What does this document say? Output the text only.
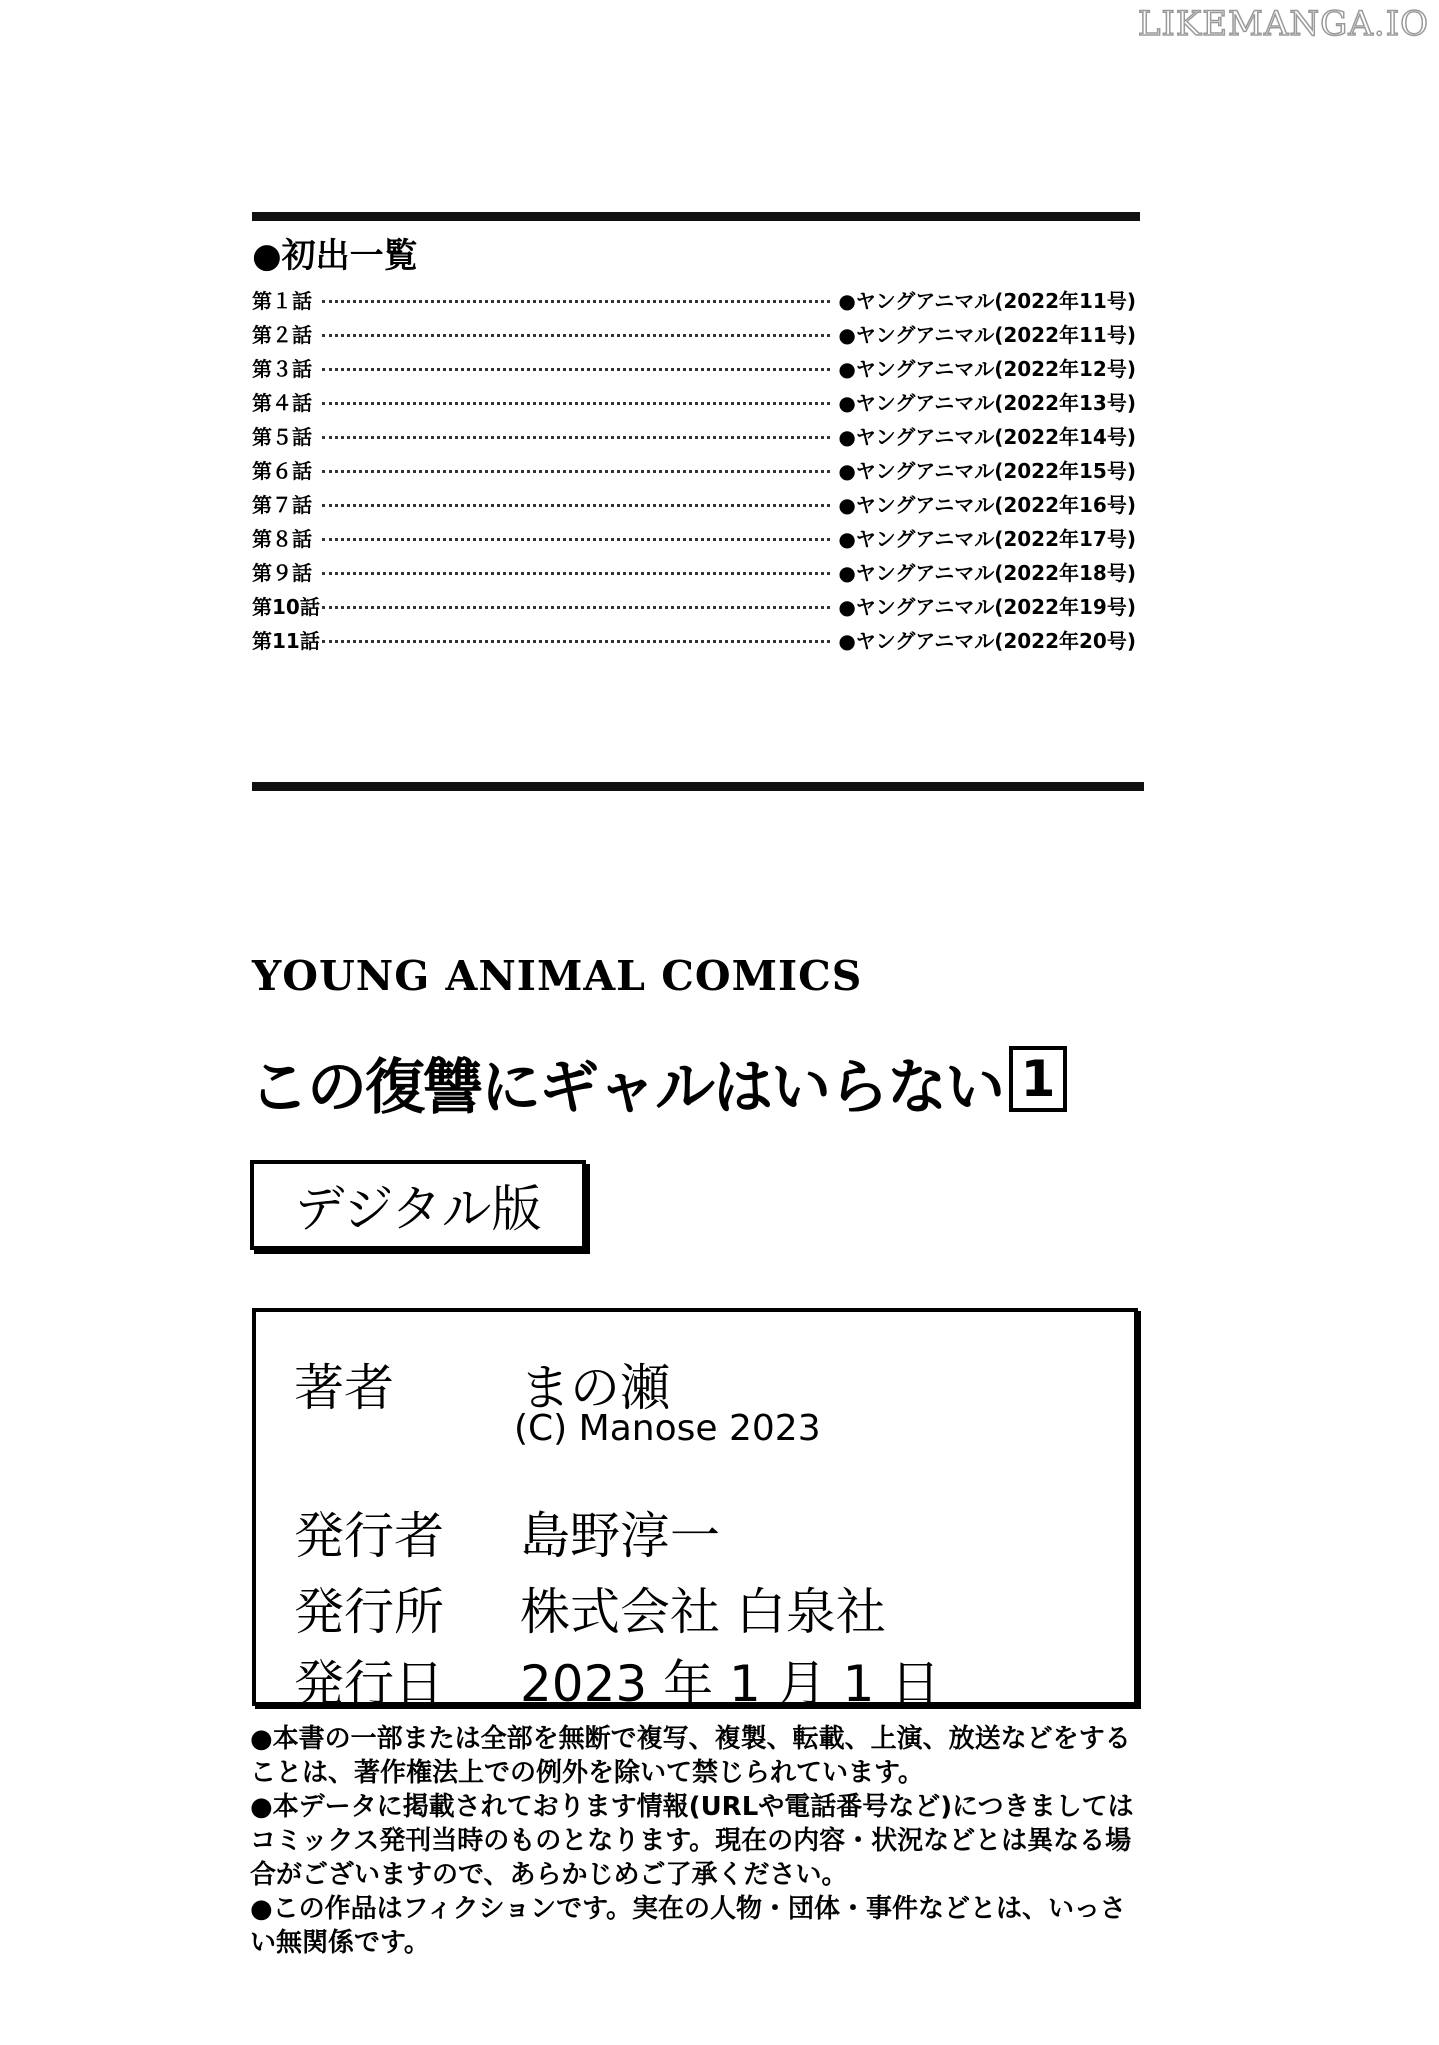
LIKEMANGA.IO
●初出一覧
第１話	●ヤングアニマル(2022年11号)
第２話	●ヤングアニマル(2022年11号)
第３話	●ヤングアニマル(2022年12号)
第４話	●ヤングアニマル(2022年13号)
第５話	●ヤングアニマル(2022年14号)
第６話	●ヤングアニマル(2022年15号)
第７話	●ヤングアニマル(2022年16号)
第８話	●ヤングアニマル(2022年17号)
第９話	●ヤングアニマル(2022年18号)
第10話	●ヤングアニマル(2022年19号)
第11話	●ヤングアニマル(2022年20号)
YOUNG ANIMAL COMICS
この復讐にギャルはいらない 1
デジタル版
著者	まの瀬
発行者 島野淳一
発行所 株式会社 白泉社
発行日 2023 年 1 月 1 日
(C) Manose 2023

●本書の一部または全部を無断で複写、複製、転載、上演、放送などをすることは、著作権法上での例外を除いて禁じられています。

●本データに掲載されております情報(URLや電話番号など)につきましてはコミックス発刊当時のものとなります。現在の内容・状況などとは異なる場合がございますので、あらかじめご了承ください。

●この作品はフィクションです。実在の人物・団体・事件などとは、いっさい無関係です。
